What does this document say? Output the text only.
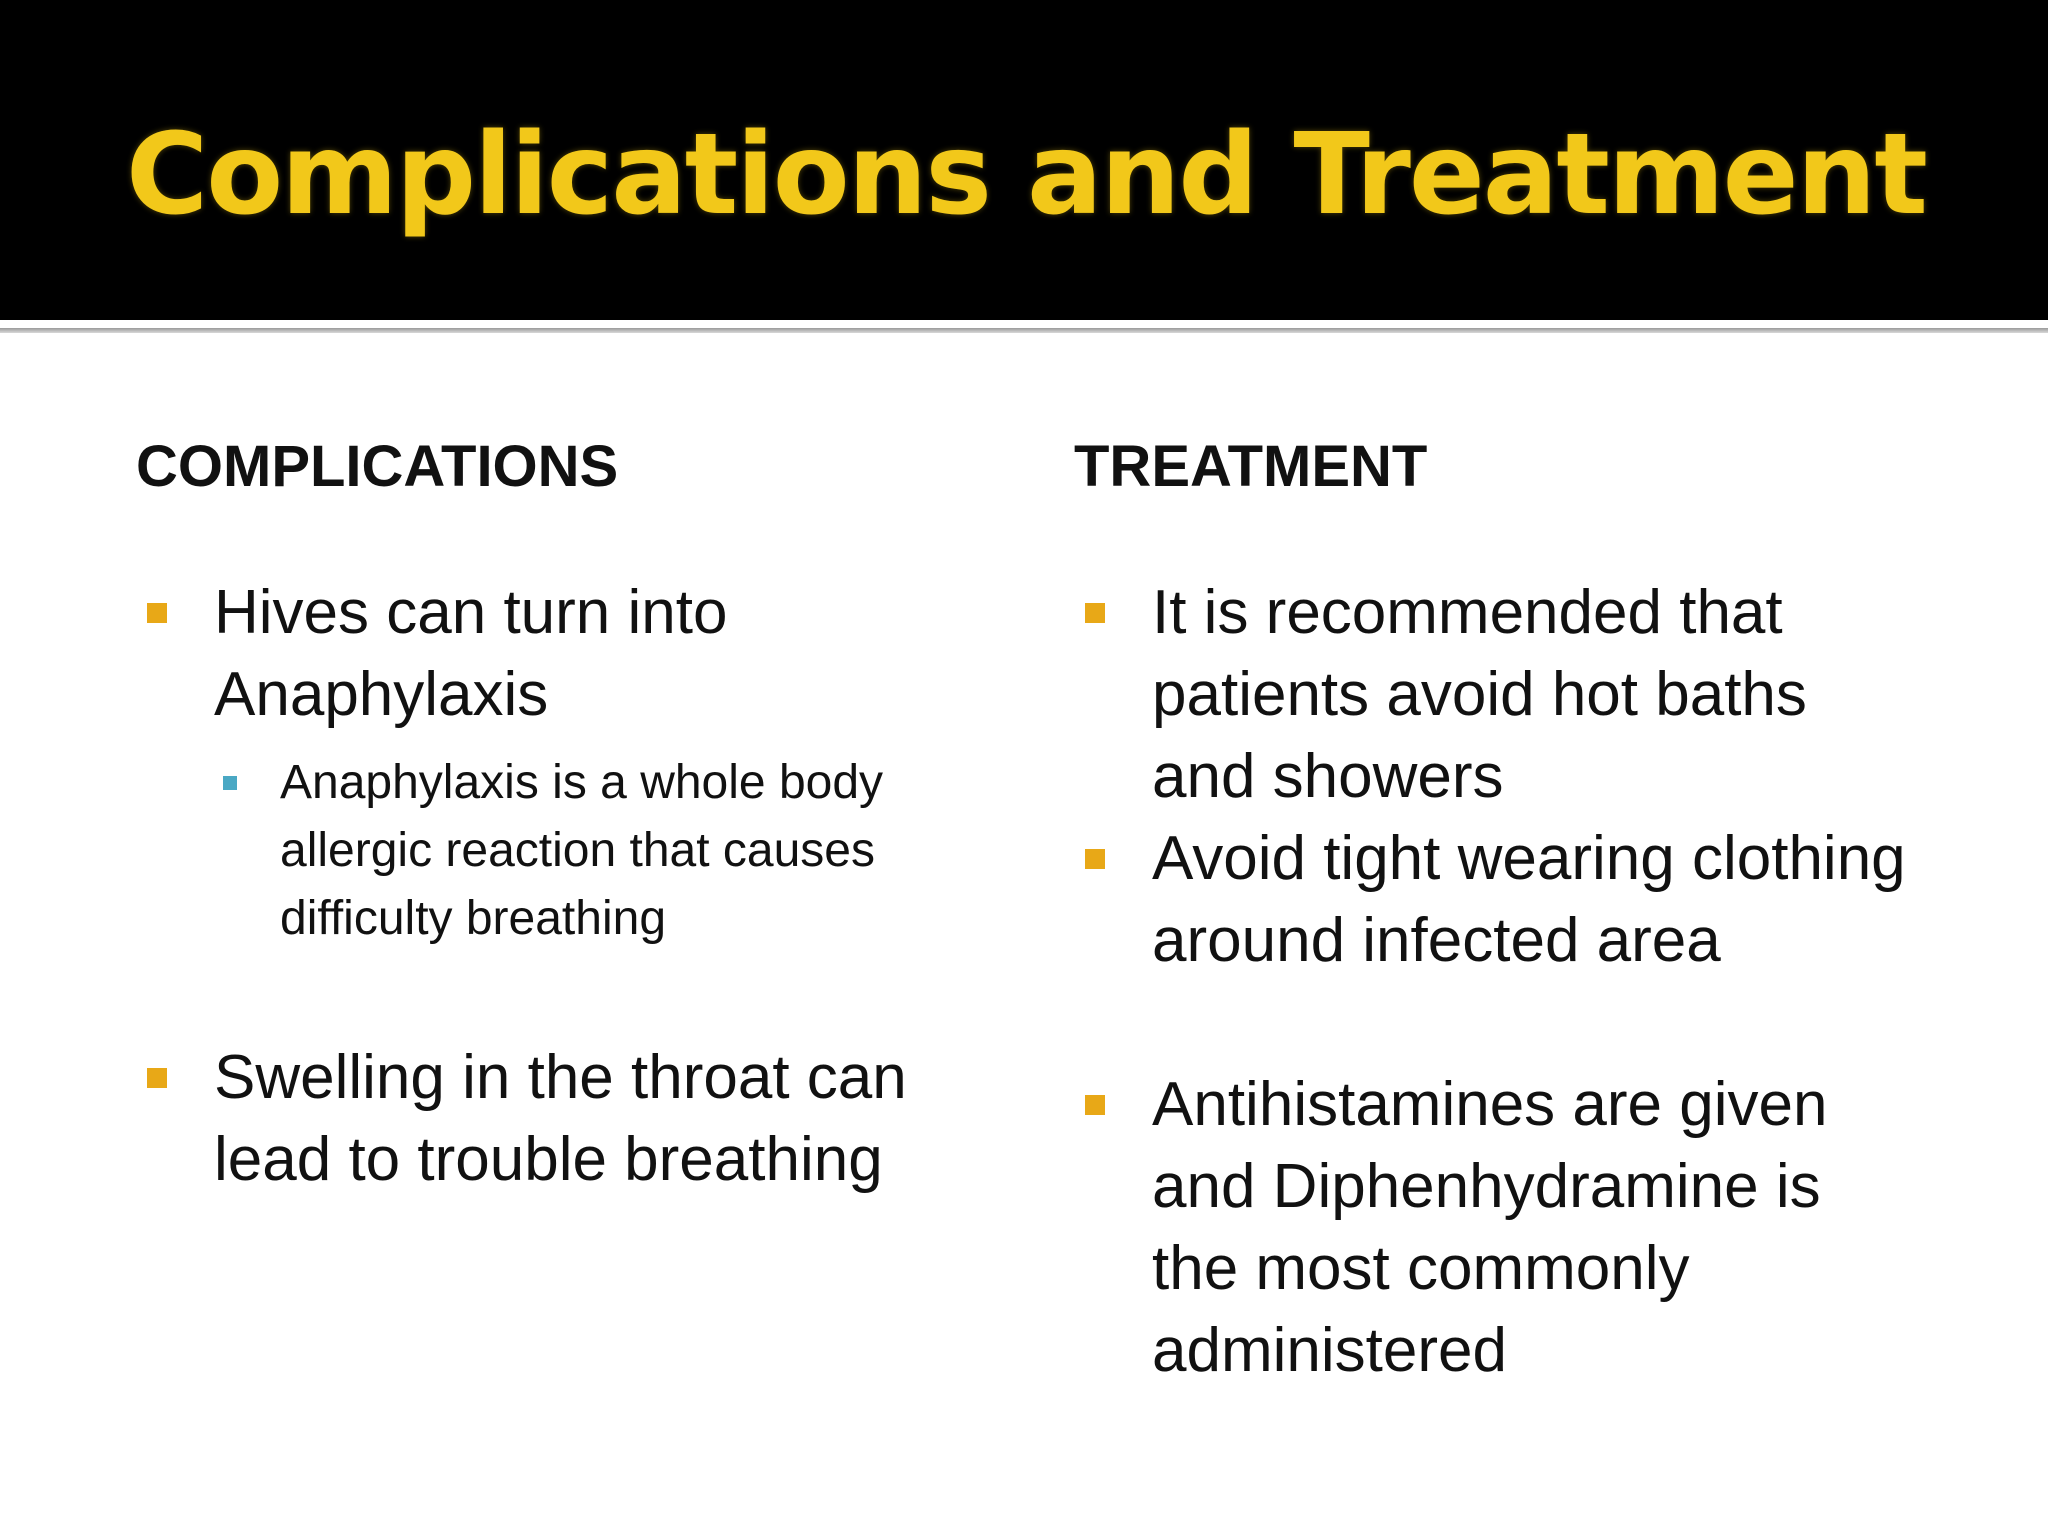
Complications and Treatment
COMPLICATIONS
Hives can turn into Anaphylaxis
Anaphylaxis is a whole body allergic reaction that causes difficulty breathing
Swelling in the throat can lead to trouble breathing
TREATMENT
It is recommended that patients avoid hot baths and showers
Avoid tight wearing clothing around infected area
Antihistamines are given and Diphenhydramine is the most commonly administered
